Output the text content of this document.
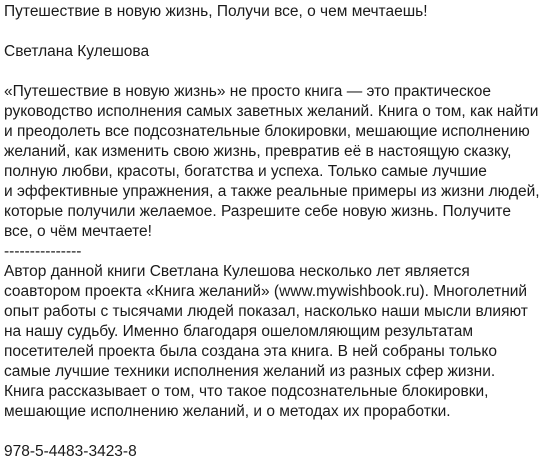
Путешествие в новую жизнь, Получи все, о чем мечтаешь!
Светлана Кулешова
«Путешествие в новую жизнь» не просто книга — это практическое
руководство исполнения самых заветных желаний. Книга о том, как найти
и преодолеть все подсознательные блокировки, мешающие исполнению
желаний, как изменить свою жизнь, превратив её в настоящую сказку,
полную любви, красоты, богатства и успеха. Только самые лучшие
и эффективные упражнения, а также реальные примеры из жизни людей,
которые получили желаемое. Разрешите себе новую жизнь. Получите
все, о чём мечтаете!
---------------
Автор данной книги Светлана Кулешова несколько лет является
соавтором проекта «Книга желаний» (www.mywishbook.ru). Многолетний
опыт работы с тысячами людей показал, насколько наши мысли влияют
на нашу судьбу. Именно благодаря ошеломляющим результатам
посетителей проекта была создана эта книга. В ней собраны только
самые лучшие техники исполнения желаний из разных сфер жизни.
Книга рассказывает о том, что такое подсознательные блокировки,
мешающие исполнению желаний, и о методах их проработки.
978-5-4483-3423-8
